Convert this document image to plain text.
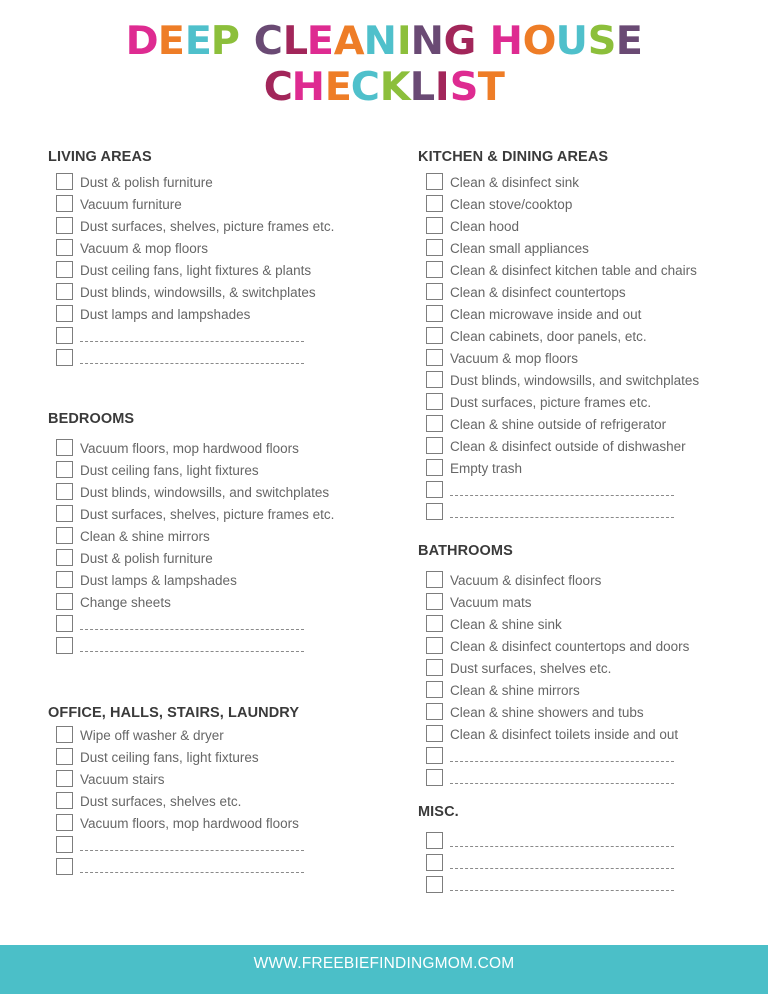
DEEP CLEANING HOUSE
CHECKLIST
LIVING AREAS
Dust & polish furniture
Vacuum furniture
Dust surfaces, shelves, picture frames etc.
Vacuum & mop floors
Dust ceiling fans, light fixtures & plants
Dust blinds, windowsills, & switchplates
Dust lamps and lampshades
BEDROOMS
Vacuum floors, mop hardwood floors
Dust ceiling fans, light fixtures
Dust blinds, windowsills, and switchplates
Dust surfaces, shelves, picture frames etc.
Clean & shine mirrors
Dust & polish furniture
Dust lamps & lampshades
Change sheets
OFFICE, HALLS, STAIRS, LAUNDRY
Wipe off washer & dryer
Dust ceiling fans, light fixtures
Vacuum stairs
Dust surfaces, shelves etc.
Vacuum floors, mop hardwood floors
KITCHEN & DINING AREAS
Clean & disinfect sink
Clean stove/cooktop
Clean hood
Clean small appliances
Clean & disinfect kitchen table and chairs
Clean & disinfect countertops
Clean microwave inside and out
Clean cabinets, door panels, etc.
Vacuum & mop floors
Dust blinds, windowsills, and switchplates
Dust surfaces, picture frames etc.
Clean & shine outside of refrigerator
Clean & disinfect outside of dishwasher
Empty trash
BATHROOMS
Vacuum & disinfect floors
Vacuum mats
Clean & shine sink
Clean & disinfect countertops and doors
Dust surfaces, shelves etc.
Clean & shine mirrors
Clean & shine showers and tubs
Clean & disinfect toilets inside and out
MISC.
WWW.FREEBIEFINDINGMOM.COM
